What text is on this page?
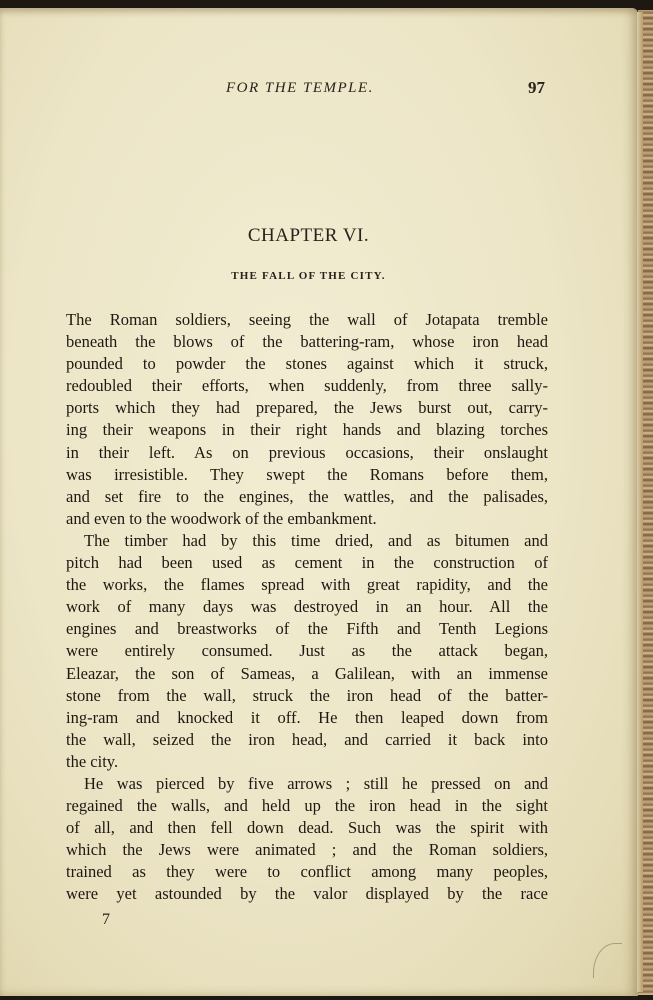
FOR THE TEMPLE.	97
CHAPTER VI.
THE FALL OF THE CITY.
The Roman soldiers, seeing the wall of Jotapata tremble
beneath the blows of the battering-ram, whose iron head
pounded to powder the stones against which it struck,
redoubled their efforts, when suddenly, from three sally-
ports which they had prepared, the Jews burst out, carry-
ing their weapons in their right hands and blazing torches
in their left. As on previous occasions, their onslaught
was irresistible. They swept the Romans before them,
and set fire to the engines, the wattles, and the palisades,
and even to the woodwork of the embankment.
The timber had by this time dried, and as bitumen and
pitch had been used as cement in the construction of
the works, the flames spread with great rapidity, and the
work of many days was destroyed in an hour. All the
engines and breastworks of the Fifth and Tenth Legions
were entirely consumed. Just as the attack began,
Eleazar, the son of Sameas, a Galilean, with an immense
stone from the wall, struck the iron head of the batter-
ing-ram and knocked it off. He then leaped down from
the wall, seized the iron head, and carried it back into
the city.
He was pierced by five arrows ; still he pressed on and
regained the walls, and held up the iron head in the sight
of all, and then fell down dead. Such was the spirit with
which the Jews were animated ; and the Roman soldiers,
trained as they were to conflict among many peoples,
were yet astounded by the valor displayed by the race
7
